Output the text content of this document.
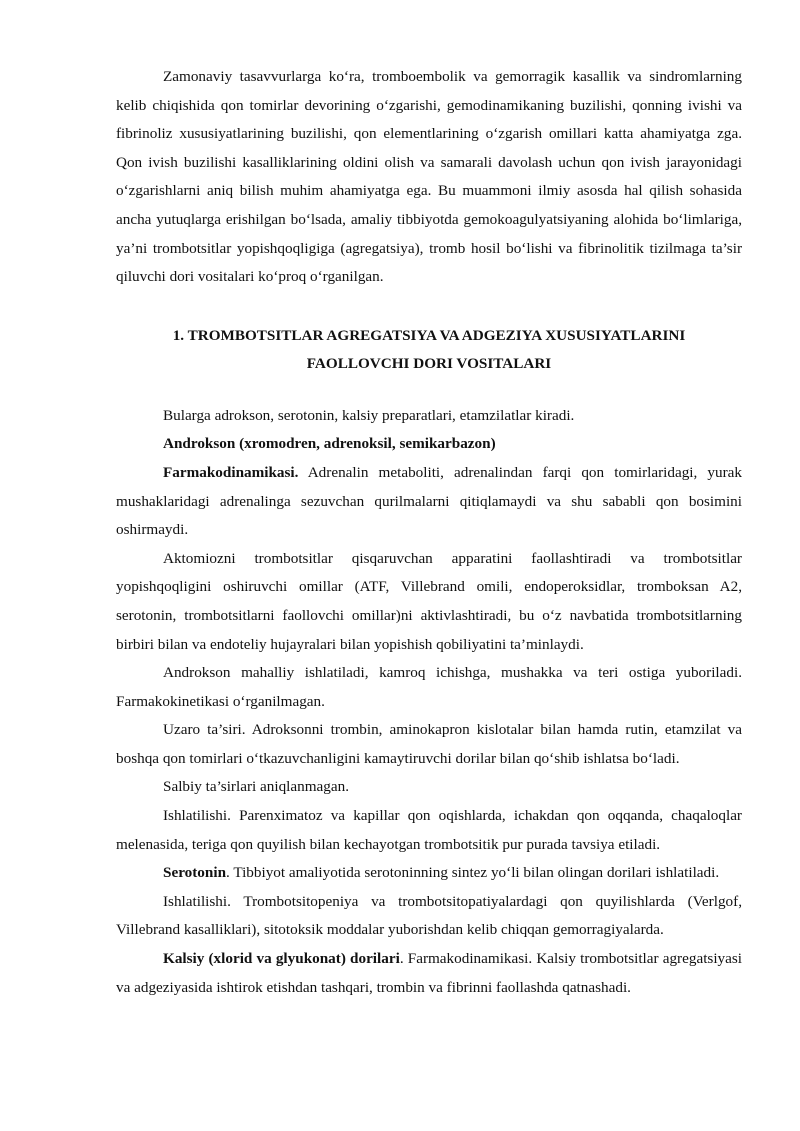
Zamonaviy tasavvurlarga ko‘ra, tromboembolik va gemorragik kasallik va sindromlarning kelib chiqishida qon tomirlar devorining o‘zgarishi, gemodinamikaning buzilishi, qonning ivishi va fibrinoliz xususiyatlarining buzilishi, qon elementlarining o‘zgarish omillari katta ahamiyatga zga. Qon ivish buzilishi kasalliklarining oldini olish va samarali davolash uchun qon ivish jarayonidagi o‘zgarishlarni aniq bilish muhim ahamiyatga ega. Bu muammoni ilmiy asosda hal qilish sohasida ancha yutuqlarga erishilgan bo‘lsada, amaliy tibbiyotda gemokoagulyatsiyaning alohida bo‘limlariga, ya’ni trombotsitlar yopishqoqligiga (agregatsiya), tromb hosil bo‘lishi va fibrinolitik tizilmaga ta’sir qiluvchi dori vositalari ko‘proq o‘rganilgan.

1. TROMBOTSITLAR AGREGATSIYA VA ADGEZIYA XUSUSIYATLARINI
FAOLLOVCHI DORI VOSITALARI

Bularga adrokson, serotonin, kalsiy preparatlari, etamzilatlar kiradi.

Androkson (xromodren, adrenoksil, semikarbazon)

Farmakodinamikasi. Adrenalin metaboliti, adrenalindan farqi qon tomirlaridagi, yurak mushaklaridagi adrenalinga sezuvchan qurilmalarni qitiqlamaydi va shu sababli qon bosimini oshirmaydi.

Aktomiozni trombotsitlar qisqaruvchan apparatini faollashtiradi va trombotsitlar yopishqoqligini oshiruvchi omillar (ATF, Villebrand omili, endoperoksidlar, tromboksan A2, serotonin, trombotsitlarni faollovchi omillar)ni aktivlashtiradi, bu o‘z navbatida trombotsitlarning birbiri bilan va endoteliy hujayralari bilan yopishish qobiliyatini ta’minlaydi.

Androkson mahalliy ishlatiladi, kamroq ichishga, mushakka va teri ostiga yuboriladi. Farmakokinetikasi o‘rganilmagan.

Uzaro ta’siri. Adroksonni trombin, aminokapron kislotalar bilan hamda rutin, etamzilat va boshqa qon tomirlari o‘tkazuvchanligini kamaytiruvchi dorilar bilan qo‘shib ishlatsa bo‘ladi.

Salbiy ta’sirlari aniqlanmagan.

Ishlatilishi. Parenximatoz va kapillar qon oqishlarda, ichakdan qon oqqanda, chaqaloqlar melenasida, teriga qon quyilish bilan kechayotgan trombotsitik pur purada tavsiya etiladi.

Serotonin. Tibbiyot amaliyotida serotoninning sintez yo‘li bilan olingan dorilari ishlatiladi.

Ishlatilishi. Trombotsitopeniya va trombotsitopatiyalardagi qon quyilishlarda (Verlgof, Villebrand kasalliklari), sitotoksik moddalar yuborishdan kelib chiqqan gemorragiyalarda.

Kalsiy (xlorid va glyukonat) dorilari. Farmakodinamikasi. Kalsiy trombotsitlar agregatsiyasi va adgeziyasida ishtirok etishdan tashqari, trombin va fibrinni faollashda qatnashadi.
